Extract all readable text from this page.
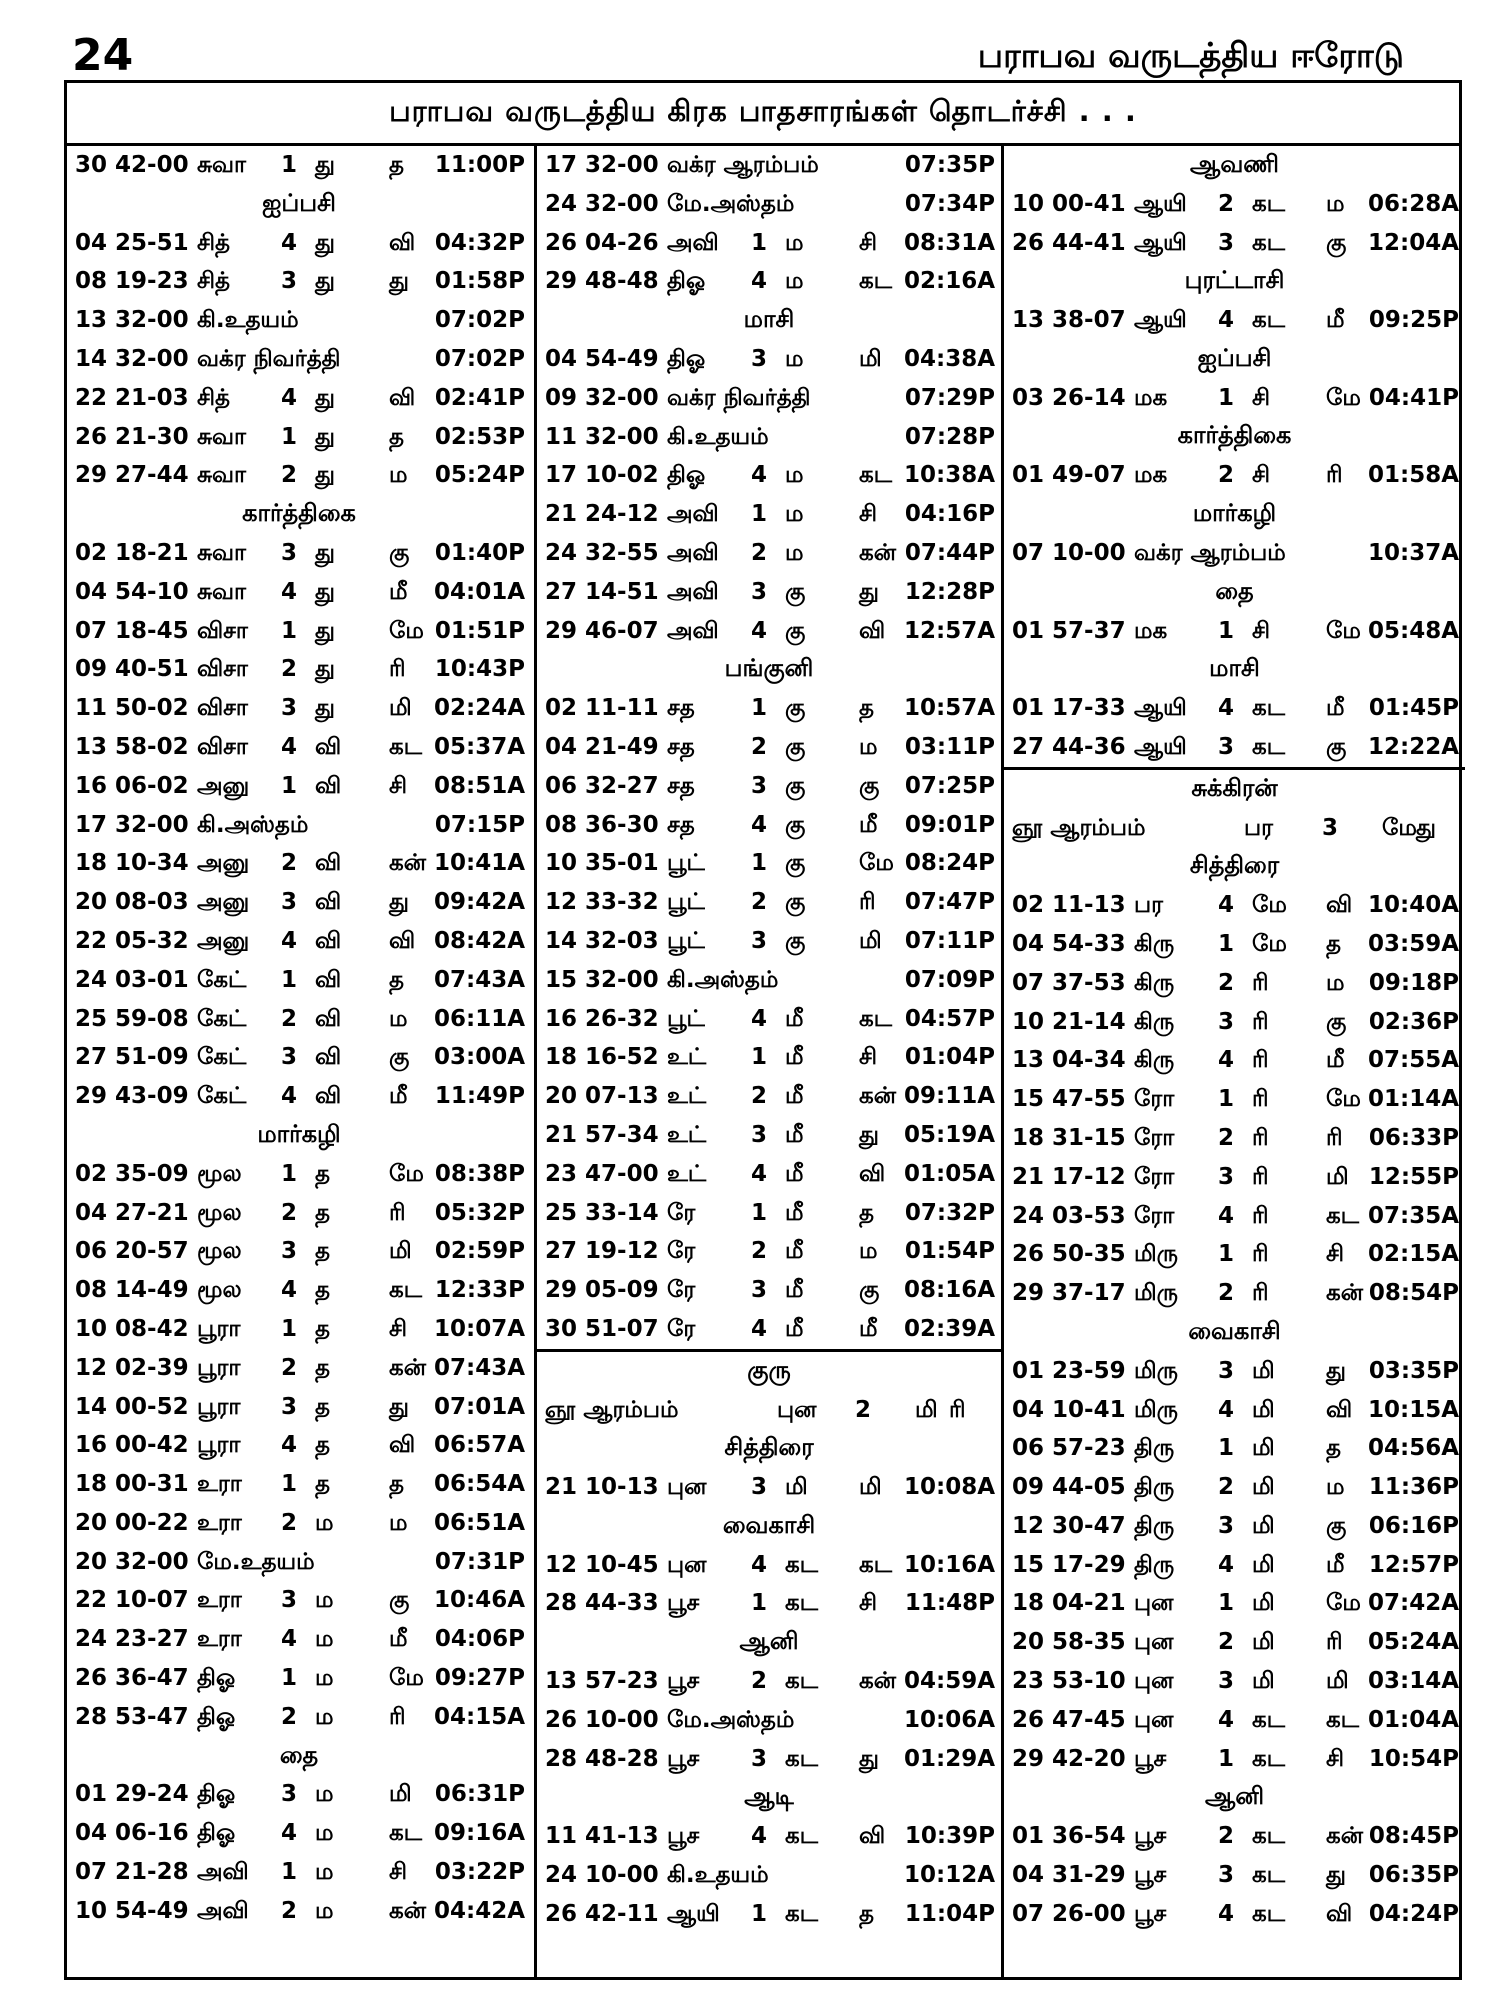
24	பராபவ வருடத்திய ஈரோடு
பராபவ வருடத்திய கிரக பாதசாரங்கள் தொடர்ச்சி . . .
30 42-00 சுவா 1 து த 11:00P
ஐப்பசி
04 25-51 சித் 4 து வி 04:32P
08 19-23 சித் 3 து து 01:58P
13 32-00 கி.உதயம்	07:02P
14 32-00 வக்ர நிவர்த்தி	07:02P
22 21-03 சித் 4 து வி 02:41P
26 21-30 சுவா 1 து த 02:53P
29 27-44 சுவா 2 து ம 05:24P
கார்த்திகை
02 18-21 சுவா 3 து கு 01:40P
04 54-10 சுவா 4 து மீ 04:01A
07 18-45 விசா 1 து மே 01:51P
09 40-51 விசா 2 து ரி 10:43P
11 50-02 விசா 3 து மி 02:24A
13 58-02 விசா 4 வி கட 05:37A
16 06-02 அனு 1 வி சி 08:51A
17 32-00 கி.அஸ்தம்	07:15P
18 10-34 அனு 2 வி கன் 10:41A
20 08-03 அனு 3 வி து 09:42A
22 05-32 அனு 4 வி வி 08:42A
24 03-01 கேட் 1 வி த 07:43A
25 59-08 கேட் 2 வி ம 06:11A
27 51-09 கேட் 3 வி கு 03:00A
29 43-09 கேட் 4 வி மீ 11:49P
மார்கழி
02 35-09 மூல 1 த	மே 08:38P
04 27-21 மூல 2 த	ரி 05:32P
06 20-57 மூல 3 த	மி 02:59P
08 14-49 மூல 4 த	கட 12:33P
10 08-42 பூரா 1 த	சி 10:07A
12 02-39 பூரா 2 த	கன் 07:43A
14 00-52 பூரா 3 த	து 07:01A
16 00-42 பூரா 4 த	வி 06:57A
18 00-31 உரா 1 த	த 06:54A
20 00-22 உரா 2 ம ம 06:51A
20 32-00 மே.உதயம்	07:31P
22 10-07 உரா 3 ம கு 10:46A
24 23-27 உரா 4 ம மீ 04:06P
26 36-47 திஓ 1 ம மே 09:27P
28 53-47 திஓ 2 ம ரி 04:15A
தை
01 29-24 திஓ 3 ம மி 06:31P
04 06-16 திஓ 4 ம கட 09:16A
07 21-28 அவி 1 ம சி 03:22P
10 54-49 அவி 2 ம கன் 04:42A
17 32-00 வக்ர ஆரம்பம்	07:35P
24 32-00 மே.அஸ்தம்	07:34P
26 04-26 அவி 1 ம சி 08:31A
29 48-48 திஓ 4 ம கட 02:16A
மாசி
04 54-49 திஓ 3 ம மி 04:38A
09 32-00 வக்ர நிவர்த்தி	07:29P
11 32-00 கி.உதயம்	07:28P
17 10-02 திஓ 4 ம கட 10:38A
21 24-12 அவி 1 ம சி 04:16P
24 32-55 அவி 2 ம கன் 07:44P
27 14-51 அவி 3 கு து 12:28P
29 46-07 அவி 4 கு வி 12:57A
பங்குனி
02 11-11 சத 1 கு த 10:57A
04 21-49 சத 2 கு ம 03:11P
06 32-27 சத 3 கு கு 07:25P
08 36-30 சத 4 கு மீ 09:01P
10 35-01 பூட் 1 கு மே 08:24P
12 33-32 பூட் 2 கு ரி 07:47P
14 32-03 பூட் 3 கு மி 07:11P
15 32-00 கி.அஸ்தம்	07:09P
16 26-32 பூட் 4 மீ கட 04:57P
18 16-52 உட் 1 மீ சி 01:04P
20 07-13 உட் 2 மீ கன் 09:11A
21 57-34 உட் 3 மீ து 05:19A
23 47-00 உட் 4 மீ வி 01:05A
25 33-14 ரே 1 மீ த 07:32P
27 19-12 ரே 2 மீ ம 01:54P
29 05-09 ரே 3 மீ கு 08:16A
30 51-07 ரே 4 மீ மீ 02:39A
குரு
ஞூ ஆரம்பம்	புன 2 மி ரி
சித்திரை
21 10-13 புன 3 மி மி 10:08A
வைகாசி
12 10-45 புன 4 கட கட 10:16A
28 44-33 பூச 1 கட சி 11:48P
ஆனி
13 57-23 பூச 2 கட கன் 04:59A
26 10-00 மே.அஸ்தம்	10:06A
28 48-28 பூச 3 கட து 01:29A
ஆடி
11 41-13 பூச 4 கட வி 10:39P
24 10-00 கி.உதயம்	10:12A
26 42-11 ஆயி 1 கட த 11:04P
ஆவணி
10 00-41 ஆயி 2 கட ம 06:28A
26 44-41 ஆயி 3 கட கு 12:04A
புரட்டாசி
13 38-07 ஆயி 4 கட மீ 09:25P
ஐப்பசி
03 26-14 மக 1 சி மே 04:41P
கார்த்திகை
01 49-07 மக 2 சி ரி 01:58A
மார்கழி
07 10-00 வக்ர ஆரம்பம்	10:37A
தை
01 57-37 மக 1 சி மே 05:48A
மாசி
01 17-33 ஆயி 4 கட மீ 01:45P
27 44-36 ஆயி 3 கட கு 12:22A
சுக்கிரன்
ஞூ ஆரம்பம்	பர 3 மே து
சித்திரை
02 11-13 பர 4 மே வி 10:40A
04 54-33 கிரு 1 மே த 03:59A
07 37-53 கிரு 2 ரி ம 09:18P
10 21-14 கிரு 3 ரி கு 02:36P
13 04-34 கிரு 4 ரி மீ 07:55A
15 47-55 ரோ 1 ரி மே 01:14A
18 31-15 ரோ 2 ரி ரி 06:33P
21 17-12 ரோ 3 ரி மி 12:55P
24 03-53 ரோ 4 ரி கட 07:35A
26 50-35 மிரு 1 ரி சி 02:15A
29 37-17 மிரு 2 ரி கன் 08:54P
வைகாசி
01 23-59 மிரு 3 மி து 03:35P
04 10-41 மிரு 4 மி வி 10:15A
06 57-23 திரு 1 மி த 04:56A
09 44-05 திரு 2 மி ம 11:36P
12 30-47 திரு 3 மி கு 06:16P
15 17-29 திரு 4 மி மீ 12:57P
18 04-21 புன 1 மி மே 07:42A
20 58-35 புன 2 மி ரி 05:24A
23 53-10 புன 3 மி மி 03:14A
26 47-45 புன 4 கட கட 01:04A
29 42-20 பூச 1 கட சி 10:54P
ஆனி
01 36-54 பூச 2 கட கன் 08:45P
04 31-29 பூச 3 கட து 06:35P
07 26-00 பூச 4 கட வி 04:24P
